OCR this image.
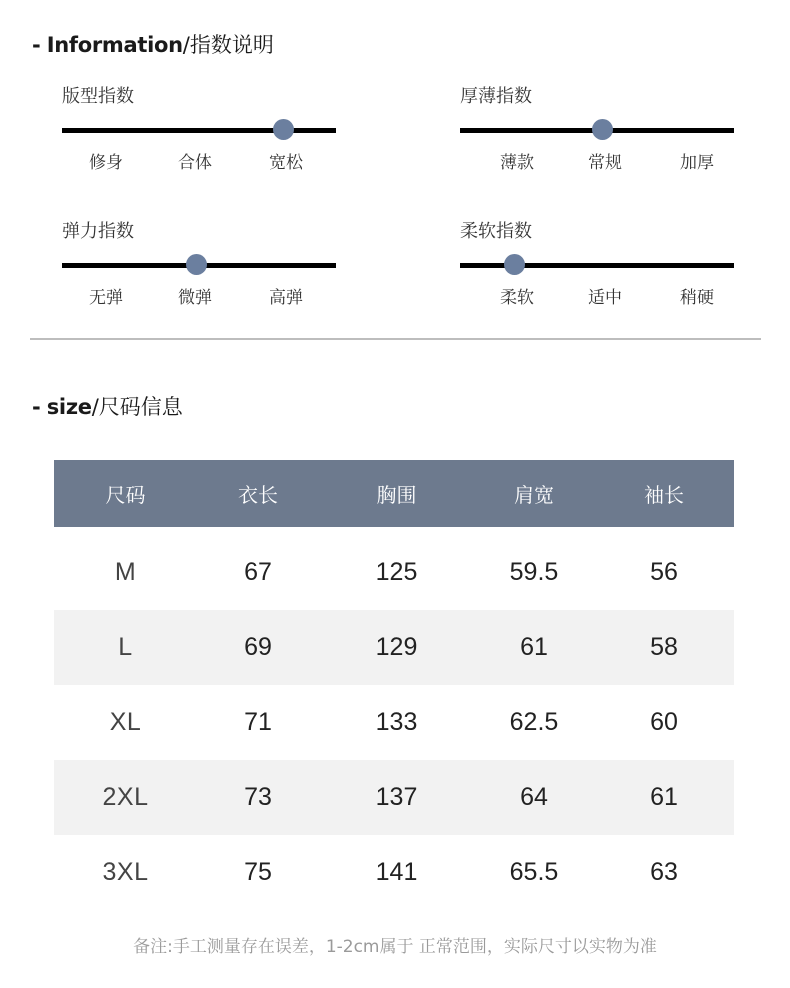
- Information/指数说明
版型指数
修身	合体	宽松
厚薄指数
薄款	常规	加厚
弹力指数
无弹	微弹	高弹
柔软指数
柔软	适中	稍硬
- size/尺码信息
尺码	衣长	胸围	肩宽	袖长
M	67	125	59.5	56
L	69	129	61	58
XL	71	133	62.5	60
2XL	73	137	64	61
3XL	75	141	65.5	63
备注:手工测量存在误差，1-2cm属于 正常范围，实际尺寸以实物为准
